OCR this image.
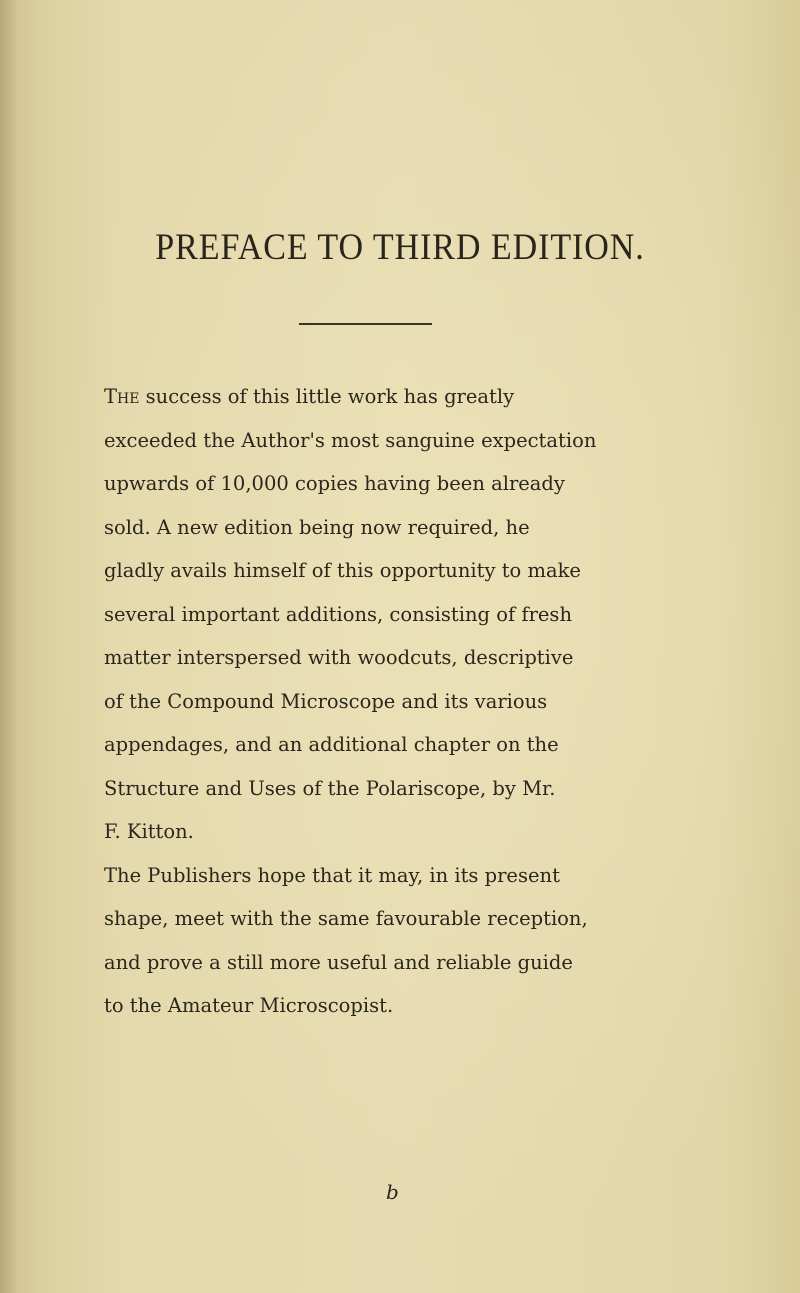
PREFACE TO THIRD EDITION.

The success of this little work has greatly
exceeded the Author's most sanguine expectation
upwards of 10,000 copies having been already
sold. A new edition being now required, he
gladly avails himself of this opportunity to make
several important additions, consisting of fresh
matter interspersed with woodcuts, descriptive
of the Compound Microscope and its various
appendages, and an additional chapter on the
Structure and Uses of the Polariscope, by Mr.
F. Kitton.

The Publishers hope that it may, in its present
shape, meet with the same favourable reception,
and prove a still more useful and reliable guide
to the Amateur Microscopist.

b
